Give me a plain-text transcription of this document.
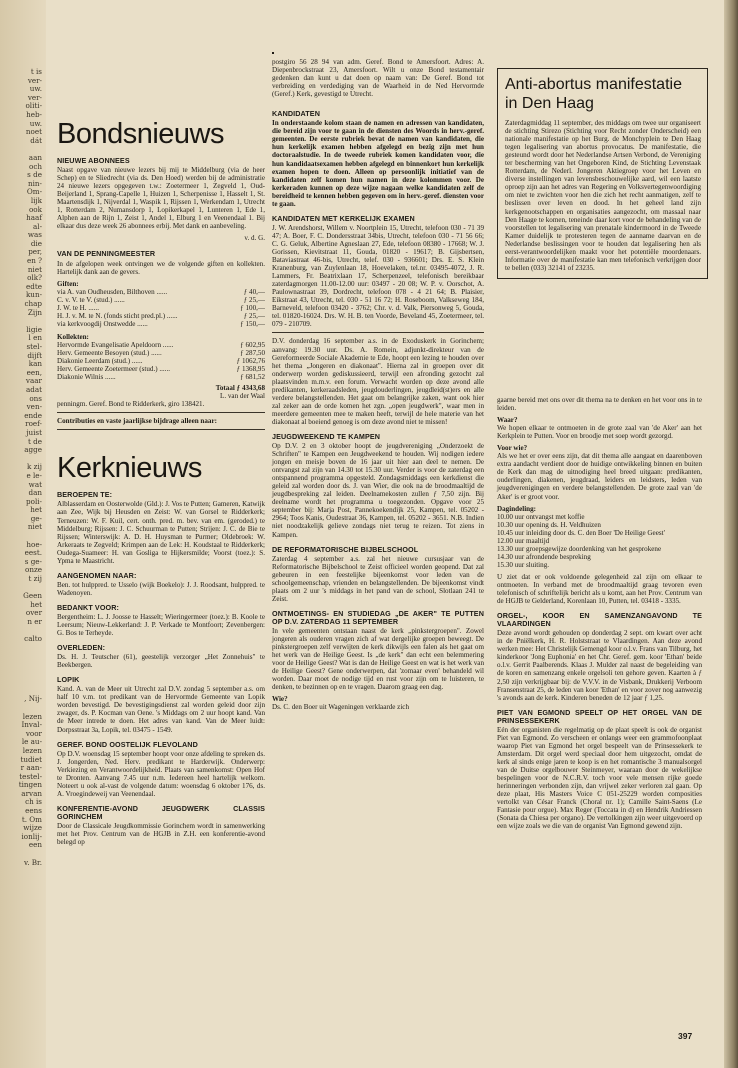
t is
ver-
uw.
ver-
oliti-
heb-
uw.
noet
dát

aan
och
s de
nin-
Om-
lijk
ook
haaf
al-
was
die
per,
en ?
niet
olk?
edte
kun-
chap
Zijn

ligie
l en
stel-
dijft
kan
een,
vaar
adat
ons
ven-
ende
roef-
juist
t de
agge

k zij
e le-
wat
dan
poli-
het
ge-
niet

hoe-
eest.
s ge-
onze
t zij

Geen
het
over
n er

calto

, Nij-

lezen
Inval-
voor
le au-
lezen
tudiet
r aan-
testel-
tingen
arvan
ch is
eens
t. Om
wijze
ionlij-
een

v. Br.
Bondsnieuws
NIEUWE ABONNEES

Naast opgave van nieuwe lezers bij mij te Middelburg (via de heer Schep) en te Sliedrecht (via ds. Den Hoed) werden bij de administratie 24 nieuwe lezers opgegeven t.w.: Zoetermeer 1, Zegveld 1, Oud-Beijerland 1, Sprang-Capelle 1, Huizen 1, Scherpenisse 1, Hasselt 1, St. Maartensdijk 1, Nijverdal 1, Waspik 1, Rijssen 1, Werkendam 1, Utrecht 1, Rotterdam 2, Numansdorp 1, Lopikerkapel 1, Lunteren 1, Ede 1, Alphen aan de Rijn 1, Zeist 1, Andel 1, Elburg 1 en Veenendaal 1. Bij elkaar dus deze week 26 abonnees erbij. Met dank en aanbeveling.

v. d. G.
VAN DE PENNINGMEESTER

In de afgelopen week ontvingen we de volgende giften en kollekten. Hartelijk dank aan de gevers.

Giften:
via A. van Oudheusden, Bilthoven ......	ƒ 40,—
C. v. V. te V. (stud.) ......	ƒ 25,—
J. W. te H. ......	ƒ 100,—
H. J. v. M. te N. (fonds sticht pred.pl.) ......	ƒ 25,—
via kerkvoogdij Onstwedde ......	ƒ 150,—
Kollekten:
Hervormde Evangelisatie Apeldoorn ......	ƒ 602,95
Herv. Gemeente Besoyen (stud.) ......	ƒ 287,50
Diakonie Leerdam (stud.) ......	ƒ 1062,76
Herv. Gemeente Zoetermeer (stud.) ......	ƒ 1368,95
Diakonie Wilnis ......	ƒ 681,52
Totaal ƒ 4343,68
L. van der Waal
penningm. Geref. Bond te Ridderkerk, giro 138421.
Contributies en vaste jaarlijkse bijdrage alleen naar:
Kerknieuws
BEROEPEN TE:

Alblasserdam en Oosterwolde (Gld.): J. Vos te Putten; Gameren, Katwijk aan Zee, Wijk bij Heusden en Zeist: W. van Gorsel te Ridderkerk; Terneuzen: W. F. Kuil, cert. onth. pred. m. bev. van em. (geroded.) te Middelburg; Rijssen: J. C. Schuurman te Putten; Strijen: J. C. de Bie te Rijssen; Winterswijk: A. D. H. Huysman te Purmer; Oldebroek: W. Arkeraats te Zegveld; Krimpen aan de Lek: H. Koudstaal te Ridderkerk; Oudega-Suameer: H. van Gosliga te Hijkersmilde; Voorst (toez.): S. Ypma te Maastricht.

AANGENOMEN NAAR:

Ben. tot hulppred. te Usselo (wijk Boekelo): J. J. Roodsant, hulppred. te Wadenoyen.

BEDANKT VOOR:

Bergentheim: L. J. Joosse te Hasselt; Wieringermeer (toez.): B. Koole te Leersum; Nieuw-Lekkerland: J. P. Verkade te Montfoort; Zevenbergen: G. Bos te Terheyde.

OVERLEDEN:

Ds. H. J. Teutscher (61), geestelijk verzorger „Het Zonnehuis" te Beekbergen.

LOPIK

Kand. A. van de Meer uit Utrecht zal D.V. zondag 5 september a.s. om half 10 v.m. tot predikant van de Hervormde Gemeente van Lopik worden bevestigd. De bevestigingsdienst zal worden geleid door zijn zwager, ds. P. Kocman van Oene. 's Middags om 2 uur hoopt kand. Van de Meer intrede te doen. Het adres van kand. Van de Meer luidt: Dorpsstraat 3a, Lopik, tel. 03475 - 1549.

GEREF. BOND OOSTELIJK FLEVOLAND

Op D.V. woensdag 15 september hoopt voor onze afdeling te spreken ds. J. Jongerden, Ned. Herv. predikant te Harderwijk. Onderwerp: Verkiezing en Verantwoordelijkheid. Plaats van samenkomst: Open Hof te Dronten. Aanvang 7.45 uur n.m. Iedereen heel hartelijk welkom. Noteert u ook al-vast de volgende datum: woensdag 6 oktober 176, ds. A. Vroegindeweij van Veenendaal.

KONFERENTIE-AVOND JEUGDWERK CLASSIS GORINCHEM

Door de Classicale Jeugdkommissie Gorinchem wordt in samenwerking met het Prov. Centrum van de HGJB in Z.H. een konferentie-avond belegd op

postgiro 56 28 94 van adm. Geref. Bond te Amersfoort. Adres: A. Diepenbrockstraat 23, Amersfoort. Wilt u onze Bond testamentair gedenken dan kunt u dat doen op naam van: De Geref. Bond tot verbreiding en verdediging van de Waarheid in de Ned Hervormde (Geref.) Kerk, gevestigd te Utrecht.

KANDIDATEN

In onderstaande kolom staan de namen en adressen van kandidaten, die bereid zijn voor te gaan in de diensten des Woords in herv.-geref. gemeenten. De eerste rubriek bevat de namen van kandidaten, die hun kerkelijk examen hebben afgelegd en bezig zijn met hun doctoraalstudie. In de tweede rubriek komen kandidaten voor, die hun kandidaatsexamen hebben afgelegd en binnenkort hun kerkelijk examen hopen te doen. Alleen op persoonlijk initiatief van de kandidaten zelf komen hun namen in deze kolommen voor. De kerkeraden kunnen op deze wijze nagaan welke kandidaten zelf de bereidheid te kennen hebben gegeven om in herv.-geref. diensten voor te gaan.

KANDIDATEN MET KERKELIJK EXAMEN

J. W. Arendshorst, Willem v. Noortplein 15, Utrecht, telefoon 030 - 71 39 47; A. Boer, F. C. Dondersstraat 34bis, Utrecht, telefoon 030 - 71 56 66; C. G. Geluk, Albertine Agneslaan 27, Ede, telefoon 08380 - 17668; W. J. Gorissen, Kievitstraat 11, Gouda, 01820 - 19617; B. Gijsbertsen, Bataviastraat 46-bis, Utrecht, telef. 030 - 936601; Drs. E. S. Klein Kranenburg, van Zuylenlaan 18, Hoevelaken, tel.nr. 03495-4072, J. R. Lammers, Fr. Beatrixlaan 17, Scherpenzeel, telefonisch bereikbaar zaterdagmorgen 11.00-12.00 uur: 03497 - 20 08; W. P. v. Oorschot, A. Paulownastraat 39, Dordrecht, telefoon 078 - 4 21 64; B. Plaisier, Eikstraat 43, Utrecht, tel. 030 - 51 16 72; H. Roseboom, Valkseweg 184, Barneveld, telefoon 03420 - 3762; Chr. v. d. Valk, Piersonweg 5, Gouda, tel. 01820-16024. Drs. W. H. B. ten Voorde, Beveland 45, Zoetermeer, tel. 079 - 210709.

D.V. donderdag 16 september a.s. in de Exoduskerk in Gorinchem; aanvang: 19.30 uur. Ds. A. Romein, adjunkt-direkteur van de Gereformeerde Sociale Akademie te Ede, hoopt een lezing te houden over het thema „Jongeren en diakonaat". Hierna zal in groepen over dit onderwerp worden gediskussieerd, terwijl een afronding gezocht zal plaatsvinden m.m.v. een forum. Verwacht worden op deze avond alle predikanten, kerkeraadsleden, jeugdouderlingen, jeugdleid(st)ers en alle verdere belangstellenden. Het gaat om belangrijke zaken, want ook hier zal zeker aan de orde komen het zgn. „open jeugdwerk", waar men in meerdere gemeenten mee te maken heeft, terwijl de hele materie van het diakonaat al boeiend genoeg is om deze avond niet te missen!

JEUGDWEEKEND TE KAMPEN

Op D.V. 2 en 3 oktober hoopt de jeugdvereniging „Onderzoekt de Schriften" te Kampen een Jeugdweekend te houden. Wij nodigen iedere jongen en meisje boven de 16 jaar uit hier aan deel te nemen. De ontvangst zal zijn van 14.30 tot 15.30 uur. Verder is voor de zaterdag een ontspannend programma opgesteld. Zondagsmiddags een kerkdienst die geleid zal worden door ds. J. van Wier, die ook na de broodmaaltijd de jeugdbespreking zal leiden. Deelnamekosten zullen ƒ 7,50 zijn. Bij deelname wordt het programma u toegezonden. Opgave voor 25 september bij: Marja Post, Pannekoekendijk 25, Kampen, tel. 05202 - 2964; Toos Kanis, Oudestraat 36, Kampen, tel. 05202 - 3651. N.B. Indien niet noodzakelijk gelieve zondags niet terug te reizen. Tot ziens in Kampen.

DE REFORMATORISCHE BIJBELSCHOOL

Zaterdag 4 september a.s. zal het nieuwe cursusjaar van de Reformatorische Bijbelschool te Zeist officieel worden geopend. Dat zal gebeuren in een feestelijke bijeenkomst voor leden van de schoolgemeenschap, vrienden en belangstellenden. De bijeenkomst vindt plaats om 2 uur 's middags in het pand van de school, Slotlaan 241 te Zeist.

ONTMOETINGS- EN STUDIEDAG „DE AKER" TE PUTTEN OP D.V. ZATERDAG 11 SEPTEMBER

In vele gemeenten ontstaan naast de kerk „pinkstergroepen". Zowel jongeren als ouderen vragen zich af wat dergelijke groepen beweegt. De pinkstergroepen zelf verwijten de kerk dikwijls een falen als het gaat om het werk van de Heilige Geest. Is „de kerk" dan echt een belemmering voor de Heilige Geest? Wat is dan de Heilige Geest en wat is het werk van de Heilige Geest? Gene onderwerpen, dat 'zomaar even' behandeld wil worden. Daar moet de nodige tijd en rust voor zijn om te luisteren, te denken, te bezinnen op en te vragen. Daarom graag een dag.

Wie?

Ds. C. den Boer uit Wageningen verklaarde zich

Anti-abortus manifestatie
in Den Haag

Zaterdagmiddag 11 september, des middags om twee uur organiseert de stichting Stirezo (Stichting voor Recht zonder Onderscheid) een nationale manifestatie op het Burg. de Monchyplein te Den Haag tegen legalisering van abortus provocatus. De manifestatie, die gesteund wordt door het Nederlandse Artsen Verbond, de Vereniging ter bescherming van het Ongeboren Kind, de Stichting Levenstaak Rotterdam, de Nederl. Jongeren Aktiegroep voor het Leven en diverse instellingen van levensbeschouwelijke aard, wil een laatste oproep zijn aan het adres van Regering en Volksvertegenwoordiging om niet te zwichten voor hen die zich het recht aanmatigen, zelf te beslissen over leven en dood. In het geheel land zijn kerkgenootschappen en organisaties aangezocht, om massaal naar Den Haage te komen, teneinde daar kort voor de behandeling van de voorstellen tot legalisering van prenatale kindermoord in de Tweede Kamer duidelijk te protesteren tegen de aanname daarvan en de Nederlandse beslissingen voor te houden dat legalisering hen als eerst-verantwoordelijken maakt voor het potentiële moordenaars. Informatie over de manifestatie kan men telefonisch verkrijgen door te bellen (033) 32141 of 23235.

gaarne bereid met ons over dit thema na te denken en het voor ons in te leiden.

Waar?

We hopen elkaar te ontmoeten in de grote zaal van 'de Aker' aan het Kerkplein te Putten. Voor en broodje met soep wordt gezorgd.

Voor wie?

Als we het er over eens zijn, dat dit thema alle aangaat en daarenboven extra aandacht verdient door de huidige ontwikkeling binnen en buiten de Kerk dan mag de uitnodiging heel breed uitgaan: predikanten, ouderlingen, diakenen, jeugdraad, leiders en leidsters, leden van jeugdverenigingen en verdere belangstellenden. De grote zaal van 'de Aker' is er groot voor.

Dagindeling:
10.00 uur ontvangst met koffie
10.30 uur opening ds. H. Veldhuizen
10.45 uur inleiding door ds. C. den Boer 'De Heilige Geest'
12.00 uur maaltijd
13.30 uur groepsgewijze doordenking van het gesprokene
14.30 uur afrondende bespreking
15.30 uur sluiting.

U ziet dat er ook voldoende gelegenheid zal zijn om elkaar te ontmoeten. In verband met de broodmaaltijd graag tevoren even telefonisch of schriftelijk bericht als u komt, aan het Prov. Centrum van de HGJB te Gelderland, Korenlaan 10, Putten, tel. 03418 - 3335.

ORGEL-, KOOR EN SAMENZANGAVOND TE VLAARDINGEN

Deze avond wordt gehouden op donderdag 2 sept. om kwart over acht in de Pniëlkerk, H. R. Holststraat te Vlaardingen. Aan deze avond werken mee: Het Christelijk Gemengd koor o.l.v. Frans van Tilburg, het kinderkoor 'Jong Euphonia' en het Chr. Geref. gem. koor 'Ethan' beide o.l.v. Gerrit Paalberends. Klaas J. Mulder zal naast de begeleiding van de koren en samenzang enkele orgelsoli ten gehore geven. Kaarten à ƒ 2,50 zijn verkrijgbaar bij: de V.V.V. in de Visbank, Drukkerij Verboom Fransenstraat 25, de leden van koor 'Ethan' en voor zover nog aanwezig 's avonds aan de kerk. Kinderen beneden de 12 jaar ƒ 1,25.

PIET VAN EGMOND SPEELT OP HET ORGEL VAN DE PRINSESSEKERK

Eén der organisten die regelmatig op de plaat speelt is ook de organist Piet van Egmond. Zo verscheen er onlangs weer een grammofoonplaat waarop Piet van Egmond het orgel bespeelt van de Prinsessekerk te Amsterdam. Dit orgel werd speciaal door hem uitgezocht, omdat de kerk al sinds enige jaren te koop is en het romantische 3 manualsorgel van de Duitse orgelbouwer Steinmeyer, waaraan door de wekelijkse bespelingen voor de N.C.R.V. toch voor vele mensen rijke goede herinneringen verbonden zijn, dan vrijwel zeker verloren zal gaan. Op deze plaat, His Masters Voice C 051-25229 worden composities vertolkt van César Franck (Choral nr. 1); Camille Saint-Saens (Le Fantasie pour orgue). Max Reger (Toccata in d) en Hendrik Andriessen (Sonata da Chiesa per organo). De vertolkingen zijn weer uitgevoerd op een wijze zoals we die van de organist Van Egmond gewend zijn.

397
